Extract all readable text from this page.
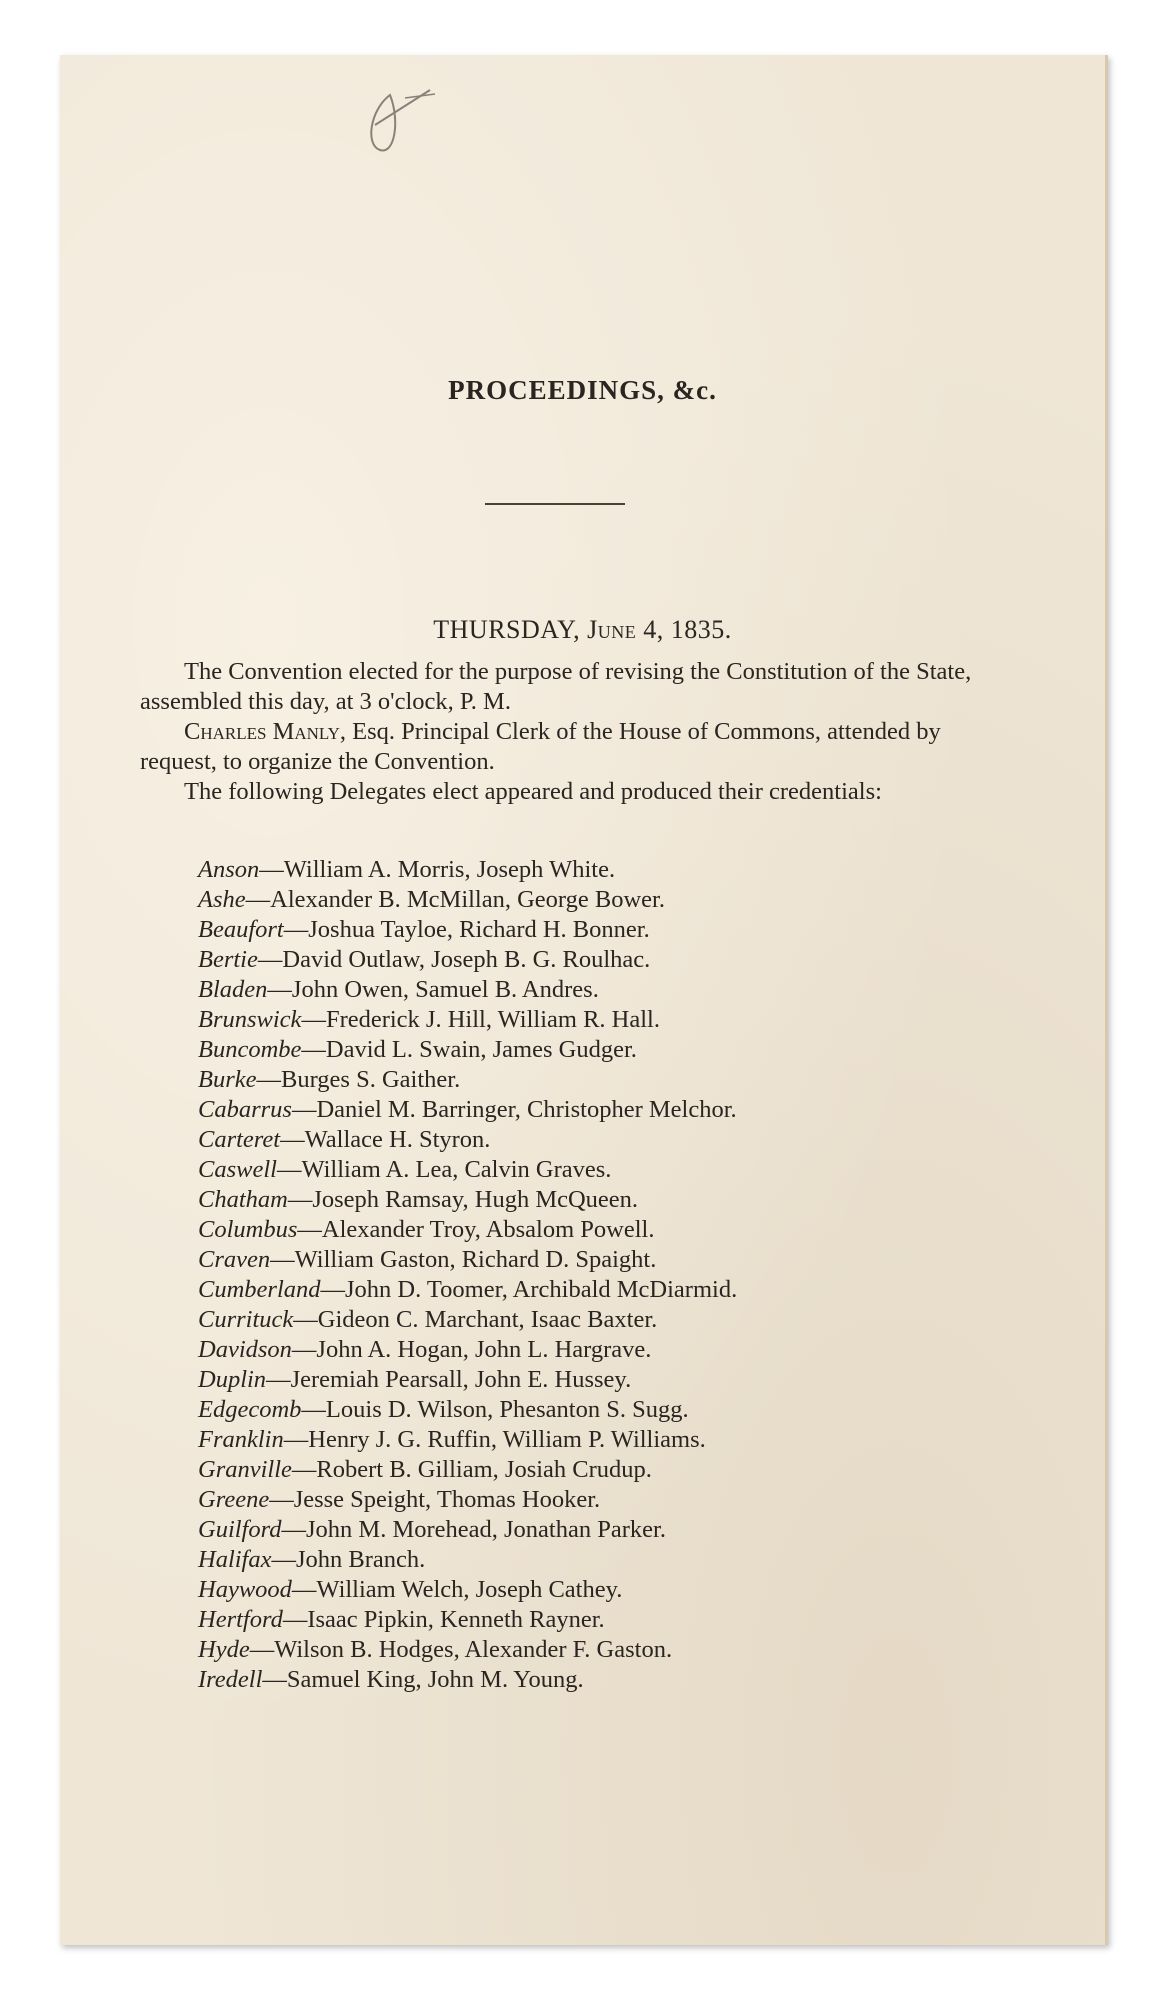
PROCEEDINGS, &c.
THURSDAY, June 4, 1835.

The Convention elected for the purpose of revising the Constitution of the State, assembled this day, at 3 o'clock, P. M.

Charles Manly, Esq. Principal Clerk of the House of Commons, attended by request, to organize the Convention.

The following Delegates elect appeared and produced their credentials:

Anson—William A. Morris, Joseph White.
Ashe—Alexander B. McMillan, George Bower.
Beaufort—Joshua Tayloe, Richard H. Bonner.
Bertie—David Outlaw, Joseph B. G. Roulhac.
Bladen—John Owen, Samuel B. Andres.
Brunswick—Frederick J. Hill, William R. Hall.
Buncombe—David L. Swain, James Gudger.
Burke—Burges S. Gaither.
Cabarrus—Daniel M. Barringer, Christopher Melchor.
Carteret—Wallace H. Styron.
Caswell—William A. Lea, Calvin Graves.
Chatham—Joseph Ramsay, Hugh McQueen.
Columbus—Alexander Troy, Absalom Powell.
Craven—William Gaston, Richard D. Spaight.
Cumberland—John D. Toomer, Archibald McDiarmid.
Currituck—Gideon C. Marchant, Isaac Baxter.
Davidson—John A. Hogan, John L. Hargrave.
Duplin—Jeremiah Pearsall, John E. Hussey.
Edgecomb—Louis D. Wilson, Phesanton S. Sugg.
Franklin—Henry J. G. Ruffin, William P. Williams.
Granville—Robert B. Gilliam, Josiah Crudup.
Greene—Jesse Speight, Thomas Hooker.
Guilford—John M. Morehead, Jonathan Parker.
Halifax—John Branch.
Haywood—William Welch, Joseph Cathey.
Hertford—Isaac Pipkin, Kenneth Rayner.
Hyde—Wilson B. Hodges, Alexander F. Gaston.
Iredell—Samuel King, John M. Young.
